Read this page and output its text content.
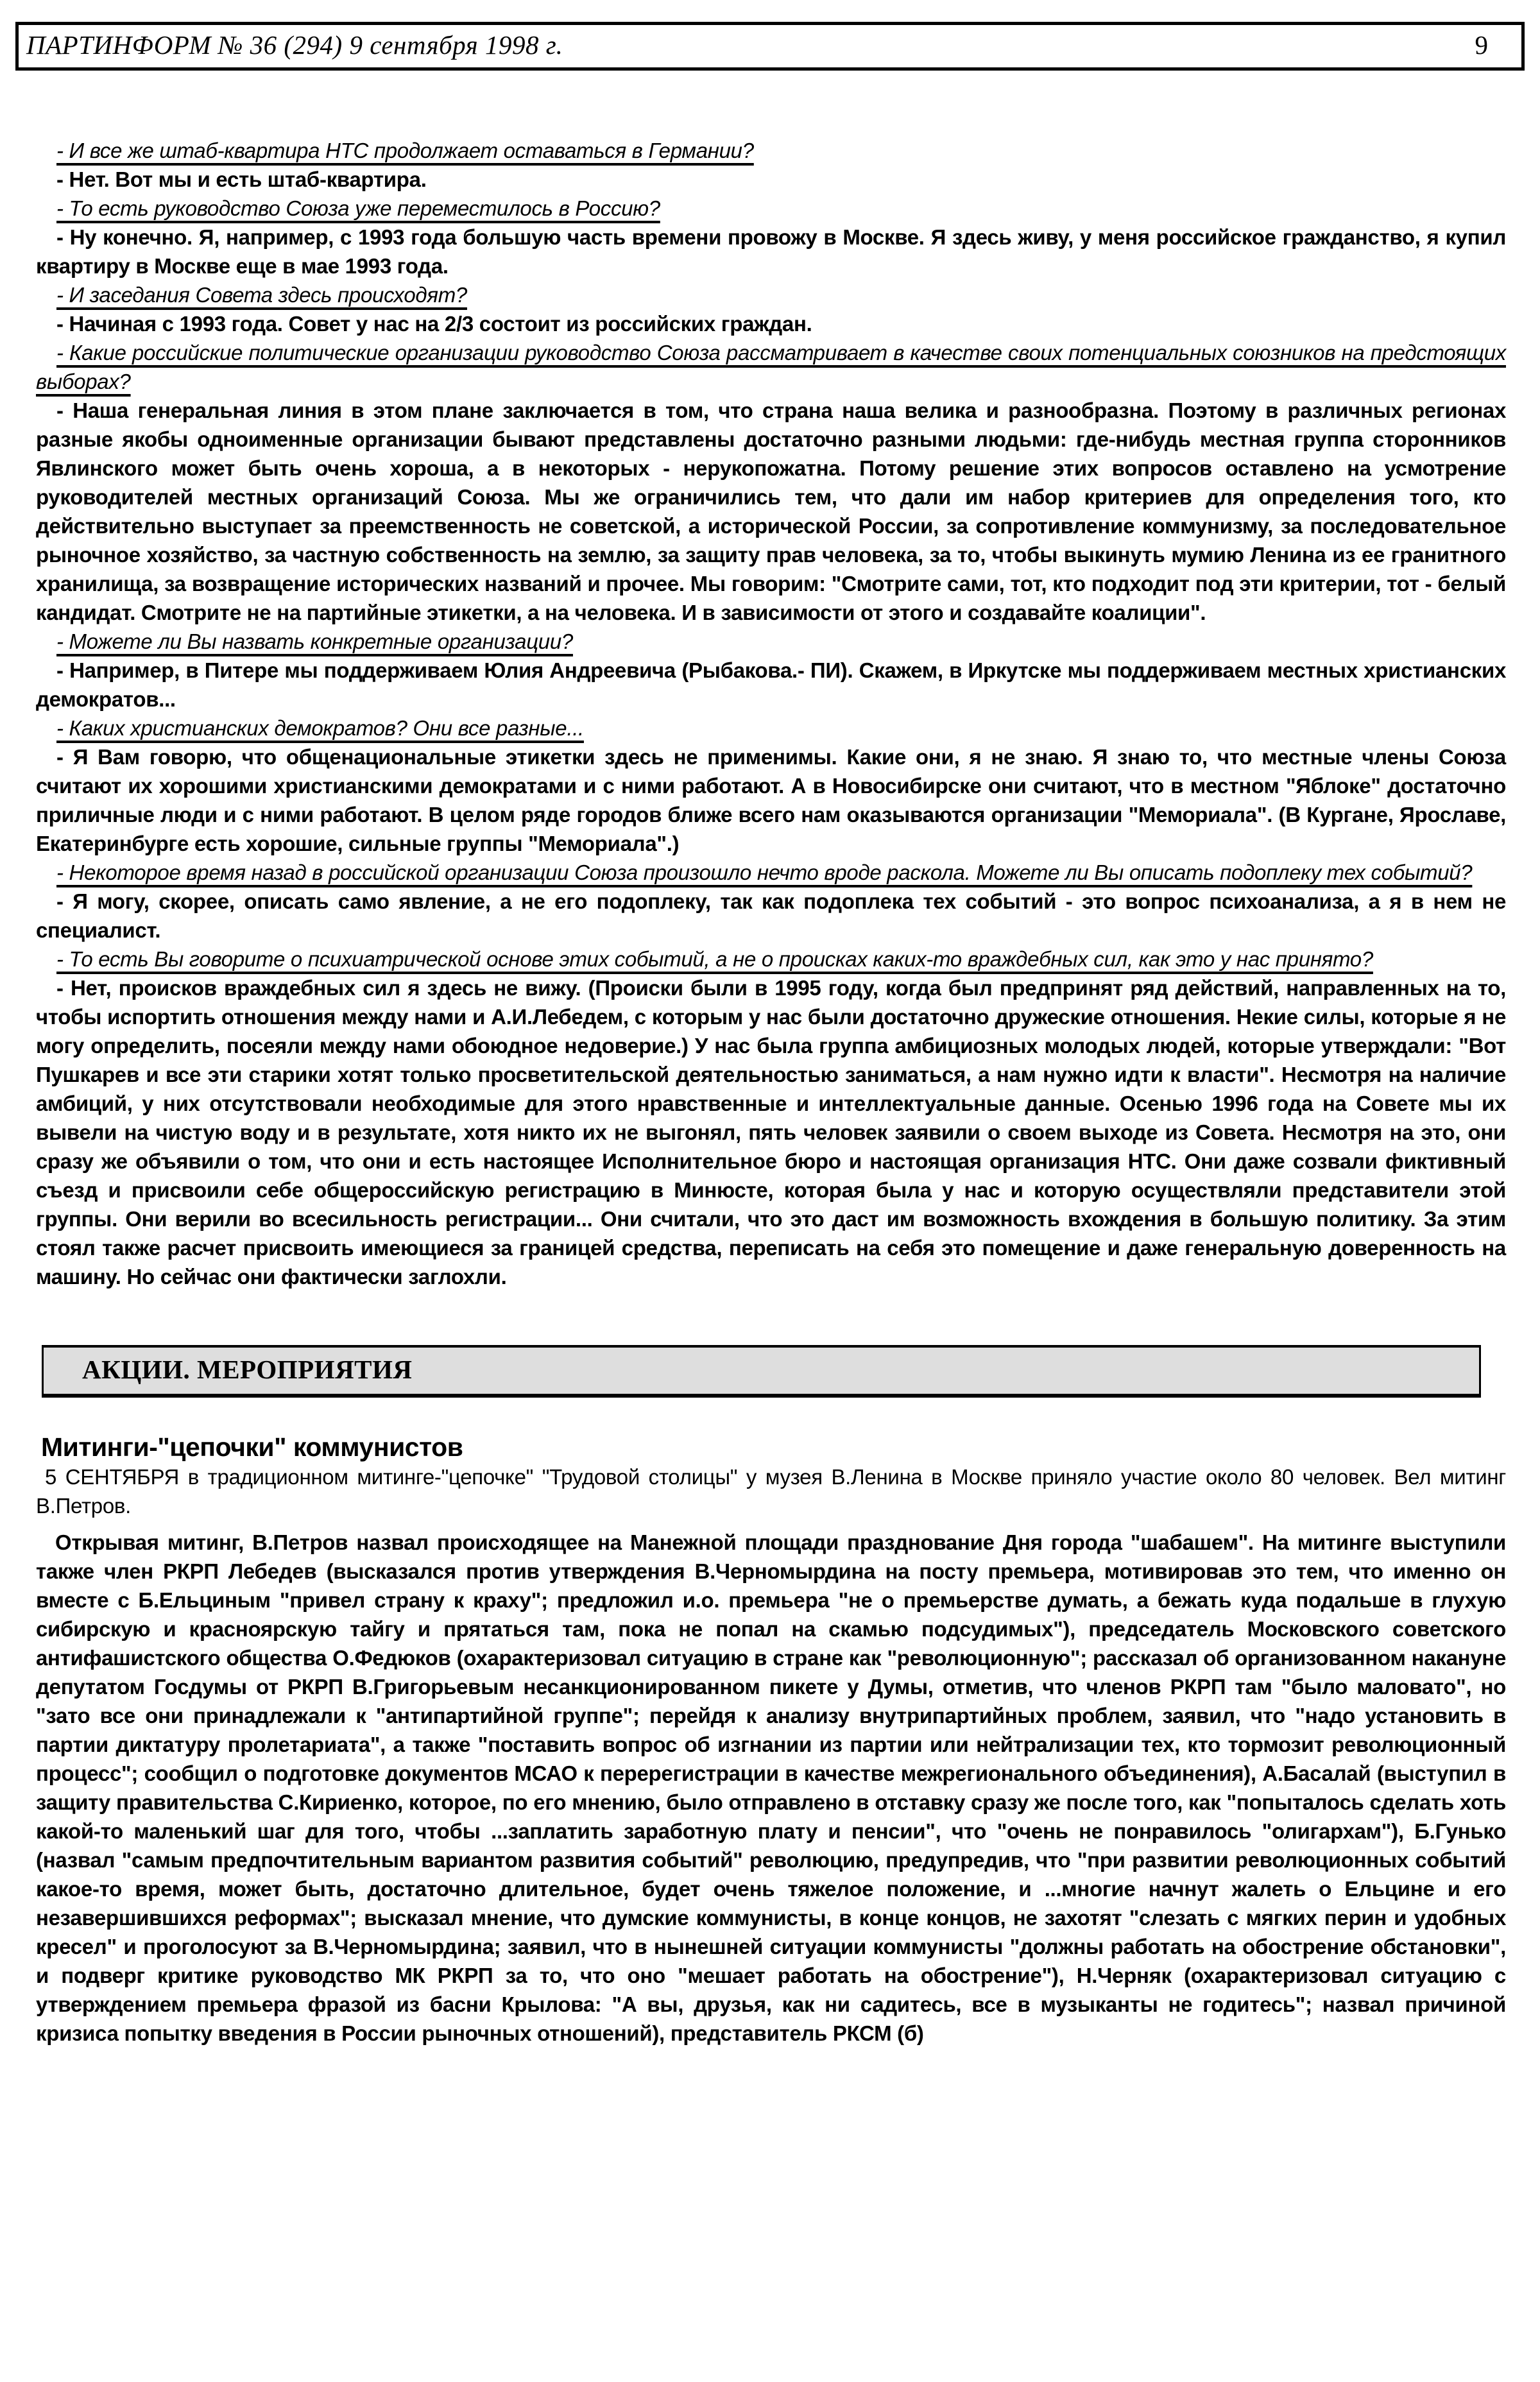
ПАРТИНФОРМ № 36 (294) 9 сентября 1998 г.	9

- И все же штаб-квартира НТС продолжает оставаться в Германии?

- Нет. Вот мы и есть штаб-квартира.

- То есть руководство Союза уже переместилось в Россию?

- Ну конечно. Я, например, с 1993 года большую часть времени провожу в Москве. Я здесь живу, у меня российское гражданство, я купил квартиру в Москве еще в мае 1993 года.

- И заседания Совета здесь происходят?

- Начиная с 1993 года. Совет у нас на 2/3 состоит из российских граждан.

- Какие российские политические организации руководство Союза рассматривает в качестве своих потенциальных союзников на предстоящих выборах?

- Наша генеральная линия в этом плане заключается в том, что страна наша велика и разнообразна. Поэтому в различных регионах разные якобы одноименные организации бывают представлены достаточно разными людьми: где-нибудь местная группа сторонников Явлинского может быть очень хороша, а в некоторых - нерукопожатна. Потому решение этих вопросов оставлено на усмотрение руководителей местных организаций Союза. Мы же ограничились тем, что дали им набор критериев для определения того, кто действительно выступает за преемственность не советской, а исторической России, за сопротивление коммунизму, за последовательное рыночное хозяйство, за частную собственность на землю, за защиту прав человека, за то, чтобы выкинуть мумию Ленина из ее гранитного хранилища, за возвращение исторических названий и прочее. Мы говорим: "Смотрите сами, тот, кто подходит под эти критерии, тот - белый кандидат. Смотрите не на партийные этикетки, а на человека. И в зависимости от этого и создавайте коалиции".

- Можете ли Вы назвать конкретные организации?

- Например, в Питере мы поддерживаем Юлия Андреевича (Рыбакова.- ПИ). Скажем, в Иркутске мы поддерживаем местных христианских демократов...

- Каких христианских демократов? Они все разные...

- Я Вам говорю, что общенациональные этикетки здесь не применимы. Какие они, я не знаю. Я знаю то, что местные члены Союза считают их хорошими христианскими демократами и с ними работают. А в Новосибирске они считают, что в местном "Яблоке" достаточно приличные люди и с ними работают. В целом ряде городов ближе всего нам оказываются организации "Мемориала". (В Кургане, Ярославе, Екатеринбурге есть хорошие, сильные группы "Мемориала".)

- Некоторое время назад в российской организации Союза произошло нечто вроде раскола. Можете ли Вы описать подоплеку тех событий?

- Я могу, скорее, описать само явление, а не его подоплеку, так как подоплека тех событий - это вопрос психоанализа, а я в нем не специалист.

- То есть Вы говорите о психиатрической основе этих событий, а не о происках каких-то враждебных сил, как это у нас принято?

- Нет, происков враждебных сил я здесь не вижу. (Происки были в 1995 году, когда был предпринят ряд действий, направленных на то, чтобы испортить отношения между нами и А.И.Лебедем, с которым у нас были достаточно дружеские отношения. Некие силы, которые я не могу определить, посеяли между нами обоюдное недоверие.) У нас была группа амбициозных молодых людей, которые утверждали: "Вот Пушкарев и все эти старики хотят только просветительской деятельностью заниматься, а нам нужно идти к власти". Несмотря на наличие амбиций, у них отсутствовали необходимые для этого нравственные и интеллектуальные данные. Осенью 1996 года на Совете мы их вывели на чистую воду и в результате, хотя никто их не выгонял, пять человек заявили о своем выходе из Совета. Несмотря на это, они сразу же объявили о том, что они и есть настоящее Исполнительное бюро и настоящая организация НТС. Они даже созвали фиктивный съезд и присвоили себе общероссийскую регистрацию в Минюсте, которая была у нас и которую осуществляли представители этой группы. Они верили во всесильность регистрации... Они считали, что это даст им возможность вхождения в большую политику. За этим стоял также расчет присвоить имеющиеся за границей средства, переписать на себя это помещение и даже генеральную доверенность на машину. Но сейчас они фактически заглохли.

АКЦИИ. МЕРОПРИЯТИЯ
Митинги-"цепочки" коммунистов

5 СЕНТЯБРЯ в традиционном митинге-"цепочке" "Трудовой столицы" у музея В.Ленина в Москве приняло участие около 80 человек. Вел митинг В.Петров.

Открывая митинг, В.Петров назвал происходящее на Манежной площади празднование Дня города "шабашем". На митинге выступили также член РКРП Лебедев (высказался против утверждения В.Черномырдина на посту премьера, мотивировав это тем, что именно он вместе с Б.Ельциным "привел страну к краху"; предложил и.о. премьера "не о премьерстве думать, а бежать куда подальше в глухую сибирскую и красноярскую тайгу и прятаться там, пока не попал на скамью подсудимых"), председатель Московского советского антифашистского общества О.Федюков (охарактеризовал ситуацию в стране как "революционную"; рассказал об организованном накануне депутатом Госдумы от РКРП В.Григорьевым несанкционированном пикете у Думы, отметив, что членов РКРП там "было маловато", но "зато все они принадлежали к "антипартийной группе"; перейдя к анализу внутрипартийных проблем, заявил, что "надо установить в партии диктатуру пролетариата", а также "поставить вопрос об изгнании из партии или нейтрализации тех, кто тормозит революционный процесс"; сообщил о подготовке документов МСАО к перерегистрации в качестве межрегионального объединения), А.Басалай (выступил в защиту правительства С.Кириенко, которое, по его мнению, было отправлено в отставку сразу же после того, как "попыталось сделать хоть какой-то маленький шаг для того, чтобы ...заплатить заработную плату и пенсии", что "очень не понравилось "олигархам"), Б.Гунько (назвал "самым предпочтительным вариантом развития событий" революцию, предупредив, что "при развитии революционных событий какое-то время, может быть, достаточно длительное, будет очень тяжелое положение, и ...многие начнут жалеть о Ельцине и его незавершившихся реформах"; высказал мнение, что думские коммунисты, в конце концов, не захотят "слезать с мягких перин и удобных кресел" и проголосуют за В.Черномырдина; заявил, что в нынешней ситуации коммунисты "должны работать на обострение обстановки", и подверг критике руководство МК РКРП за то, что оно "мешает работать на обострение"), Н.Черняк (охарактеризовал ситуацию с утверждением премьера фразой из басни Крылова: "А вы, друзья, как ни садитесь, все в музыканты не годитесь"; назвал причиной кризиса попытку введения в России рыночных отношений), представитель РКСМ (б)
